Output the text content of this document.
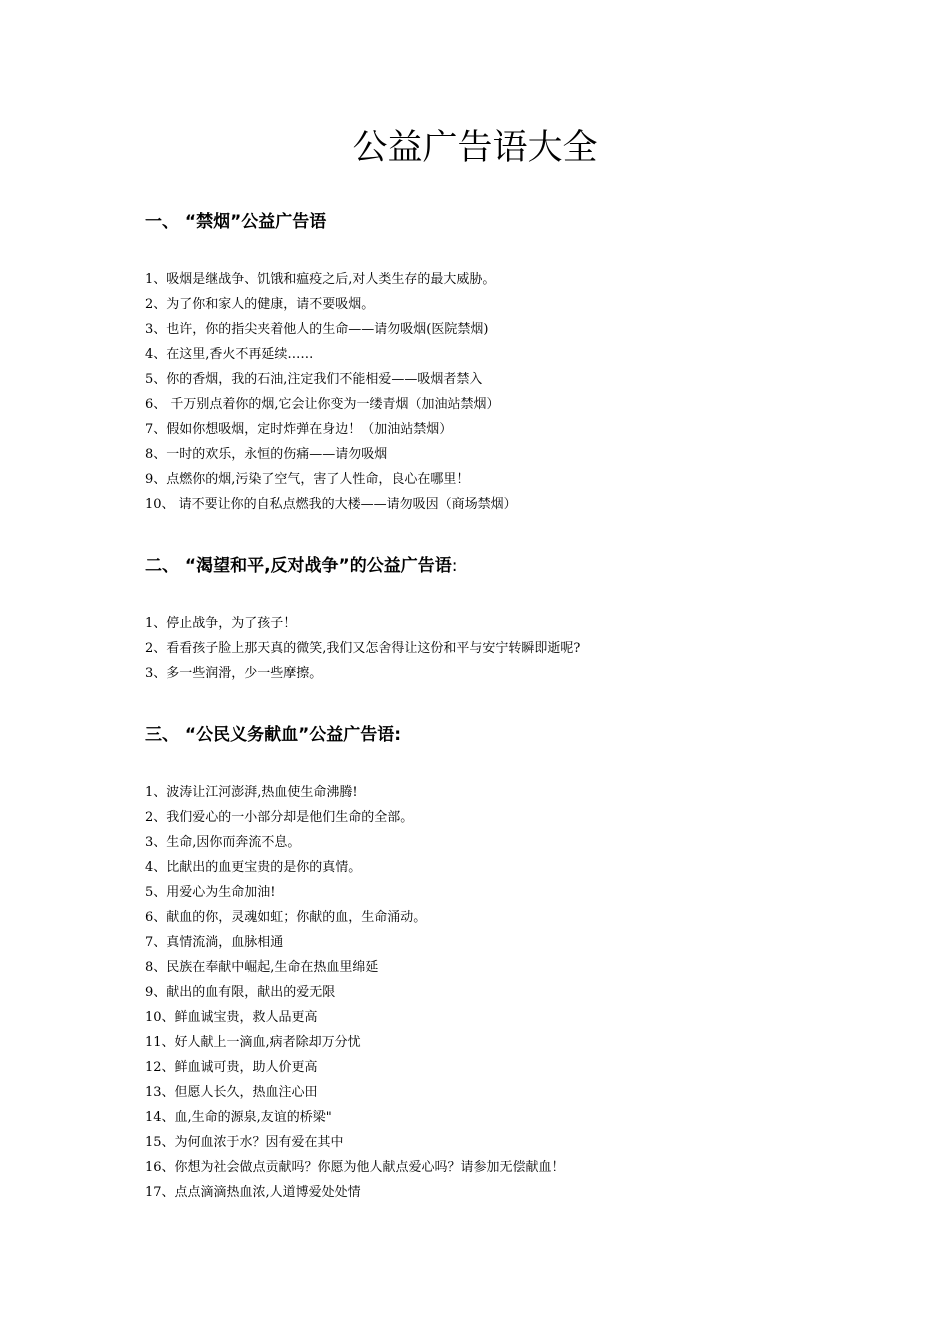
公益广告语大全
一、 “禁烟”公益广告语
1、吸烟是继战争、饥饿和瘟疫之后,对人类生存的最大威胁。
2、为了你和家人的健康，请不要吸烟。
3、也许，你的指尖夹着他人的生命——请勿吸烟(医院禁烟)
4、在这里,香火不再延续……
5、你的香烟，我的石油,注定我们不能相爱——吸烟者禁入
6、 千万别点着你的烟,它会让你变为一缕青烟（加油站禁烟）
7、假如你想吸烟，定时炸弹在身边！（加油站禁烟）
8、一时的欢乐，永恒的伤痛——请勿吸烟
9、点燃你的烟,污染了空气，害了人性命，良心在哪里！
10、 请不要让你的自私点燃我的大楼——请勿吸因（商场禁烟）
二、 “渴望和平,反对战争”的公益广告语:
1、停止战争，为了孩子！
2、看看孩子脸上那天真的微笑,我们又怎舍得让这份和平与安宁转瞬即逝呢?
3、多一些润滑，少一些摩擦。
三、 “公民义务献血”公益广告语:
1、波涛让江河澎湃,热血使生命沸腾!
2、我们爱心的一小部分却是他们生命的全部。
3、生命,因你而奔流不息。
4、比献出的血更宝贵的是你的真情。
5、用爱心为生命加油!
6、献血的你，灵魂如虹；你献的血，生命涌动。
7、真情流淌，血脉相通
8、民族在奉献中崛起,生命在热血里绵延
9、献出的血有限，献出的爱无限
10、鲜血诚宝贵，救人品更高
11、好人献上一滴血,病者除却万分忧
12、鲜血诚可贵，助人价更高
13、但愿人长久，热血注心田
14、血,生命的源泉,友谊的桥梁"
15、为何血浓于水？因有爱在其中
16、你想为社会做点贡献吗？你愿为他人献点爱心吗？请参加无偿献血！
17、点点滴滴热血浓,人道博爱处处情
